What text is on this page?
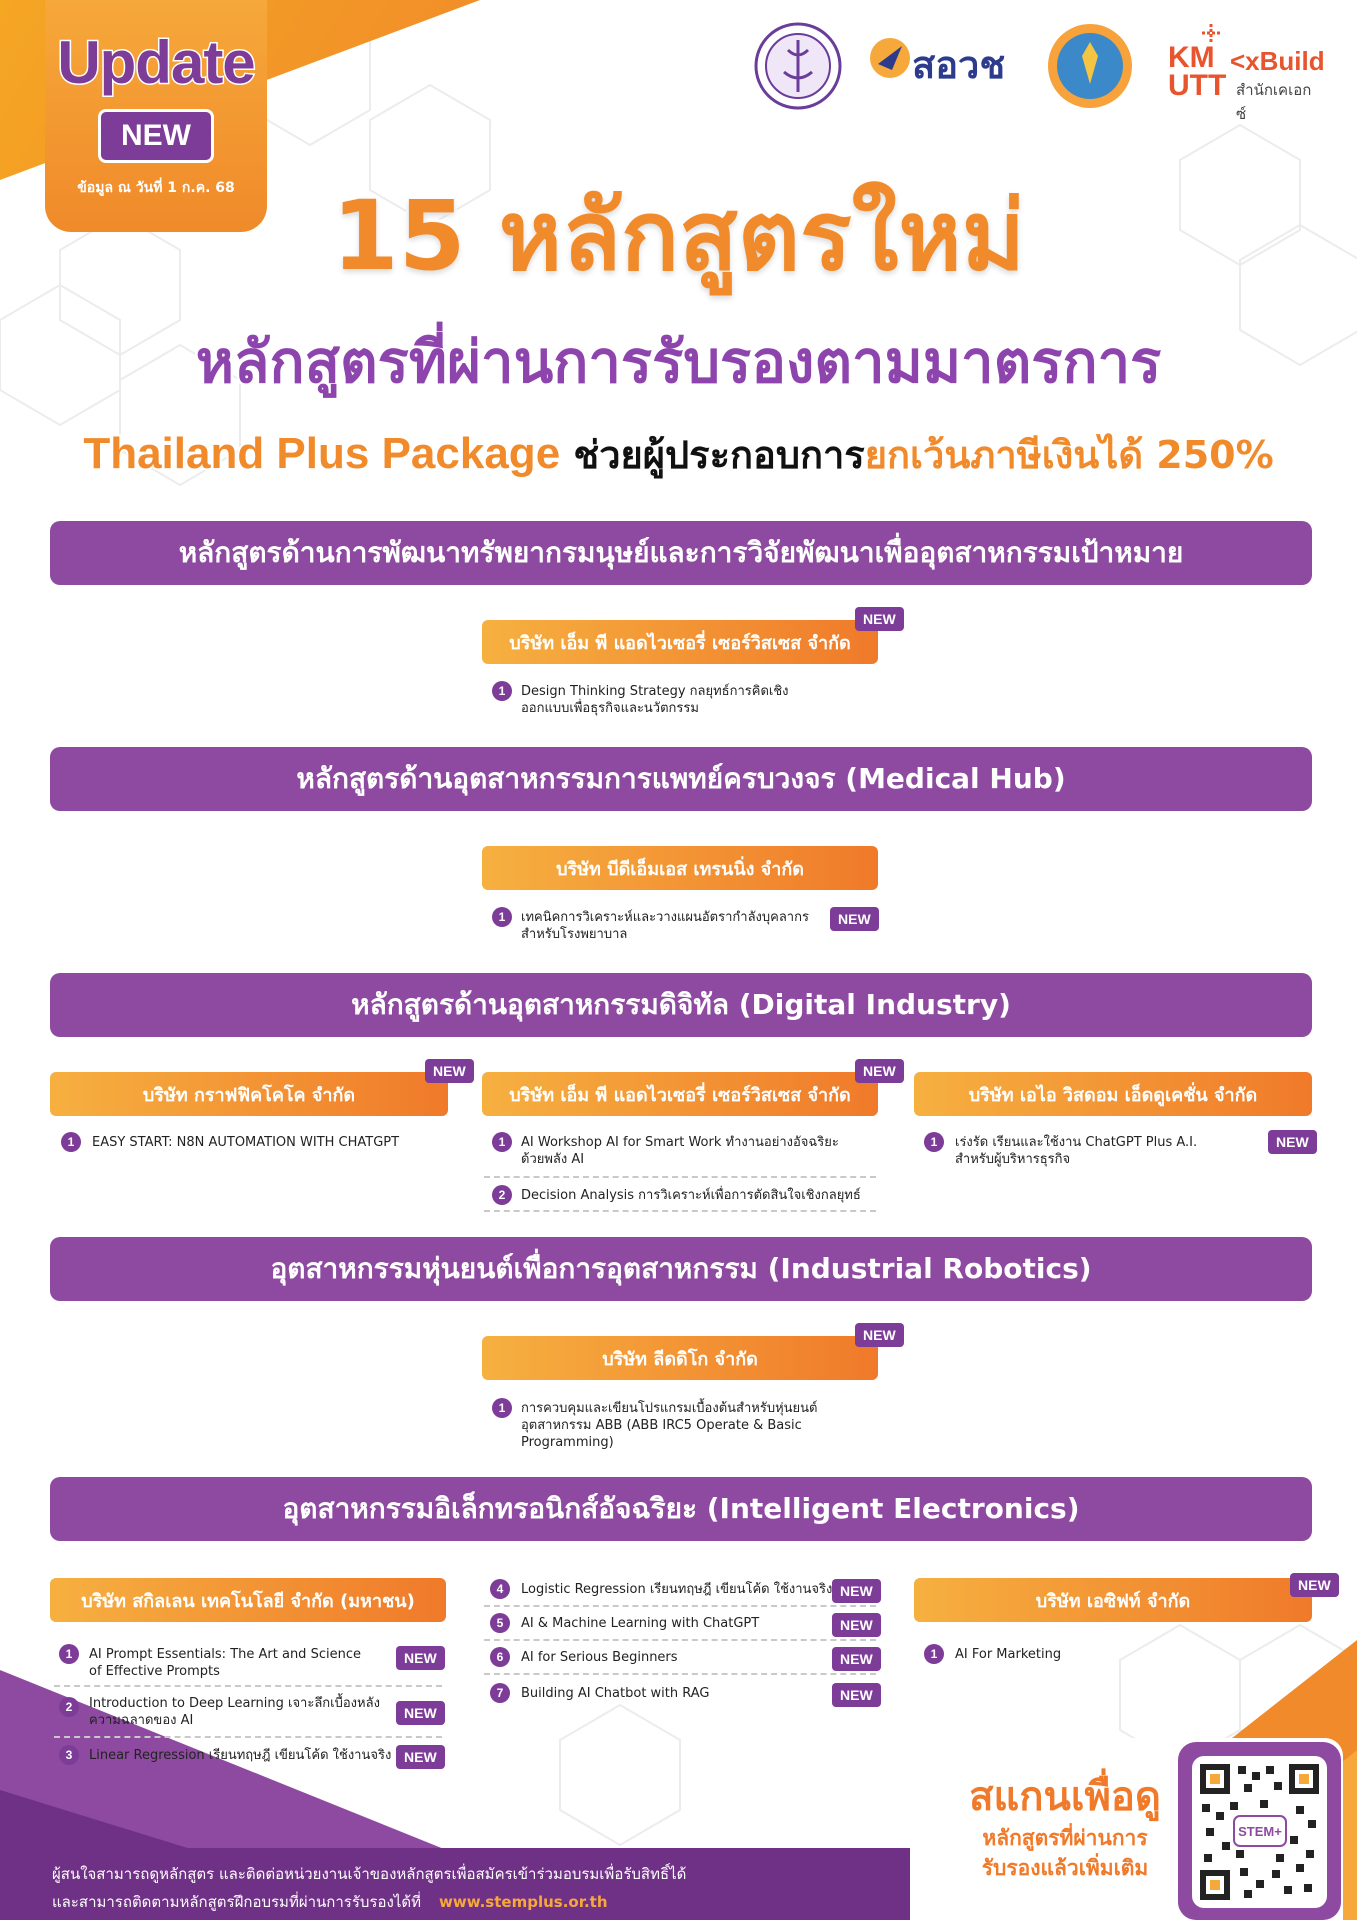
Update
NEW
ข้อมูล ณ วันที่ 1 ก.ค. 68
สอวช	KM UTT
<xBuild
สำนักเคเอกซ์
15 หลักสูตรใหม่
หลักสูตรที่ผ่านการรับรองตามมาตรการ
Thailand Plus Package ช่วยผู้ประกอบการยกเว้นภาษีเงินได้ 250%
หลักสูตรด้านการพัฒนาทรัพยากรมนุษย์และการวิจัยพัฒนาเพื่ออุตสาหกรรมเป้าหมาย
บริษัท เอ็ม พี แอดไวเซอรี่ เซอร์วิสเซส จำกัด
NEW
1	Design Thinking Strategy กลยุทธ์การคิดเชิง
ออกแบบเพื่อธุรกิจและนวัตกรรม
หลักสูตรด้านอุตสาหกรรมการแพทย์ครบวงจร (Medical Hub)
บริษัท บีดีเอ็มเอส เทรนนิ่ง จำกัด
1	เทคนิคการวิเคราะห์และวางแผนอัตรากำลังบุคลากร
สำหรับโรงพยาบาล
NEW
หลักสูตรด้านอุตสาหกรรมดิจิทัล (Digital Industry)
บริษัท กราฟฟิคโคโค จำกัด
NEW
1	EASY START: N8N AUTOMATION WITH CHATGPT
บริษัท เอ็ม พี แอดไวเซอรี่ เซอร์วิสเซส จำกัด
NEW
1	AI Workshop AI for Smart Work ทำงานอย่างอัจฉริยะ
ด้วยพลัง AI
2	Decision Analysis การวิเคราะห์เพื่อการตัดสินใจเชิงกลยุทธ์
บริษัท เอไอ วิสดอม เอ็ดดูเคชั่น จำกัด
1	เร่งรัด เรียนและใช้งาน ChatGPT Plus A.I.
สำหรับผู้บริหารธุรกิจ
NEW
อุตสาหกรรมหุ่นยนต์เพื่อการอุตสาหกรรม (Industrial Robotics)
บริษัท ลีดดิโก จำกัด
NEW
1	การควบคุมและเขียนโปรแกรมเบื้องต้นสำหรับหุ่นยนต์
อุตสาหกรรม ABB (ABB IRC5 Operate & Basic
Programming)
อุตสาหกรรมอิเล็กทรอนิกส์อัจฉริยะ (Intelligent Electronics)
บริษัท สกิลเลน เทคโนโลยี จำกัด (มหาชน)
1	AI Prompt Essentials: The Art and Science
of Effective Prompts
NEW
2	Introduction to Deep Learning เจาะลึกเบื้องหลัง
ความฉลาดของ AI	NEW
3	Linear Regression เรียนทฤษฎี เขียนโค้ด ใช้งานจริง NEW
4	Logistic Regression เรียนทฤษฎี เขียนโค้ด ใช้งานจริง NEW
5	AI & Machine Learning with ChatGPT	NEW
6	AI for Serious Beginners	NEW
7	Building AI Chatbot with RAG	NEW
บริษัท เอซิฟท์ จำกัด
NEW
1	AI For Marketing
ผู้สนใจสามารถดูหลักสูตร และติดต่อหน่วยงานเจ้าของหลักสูตรเพื่อสมัครเข้าร่วมอบรมเพื่อรับสิทธิ์ได้
และสามารถติดตามหลักสูตรฝึกอบรมที่ผ่านการรับรองได้ที่ www.stemplus.or.th
สแกนเพื่อดู
หลักสูตรที่ผ่านการ
รับรองแล้วเพิ่มเติม
STEM+
